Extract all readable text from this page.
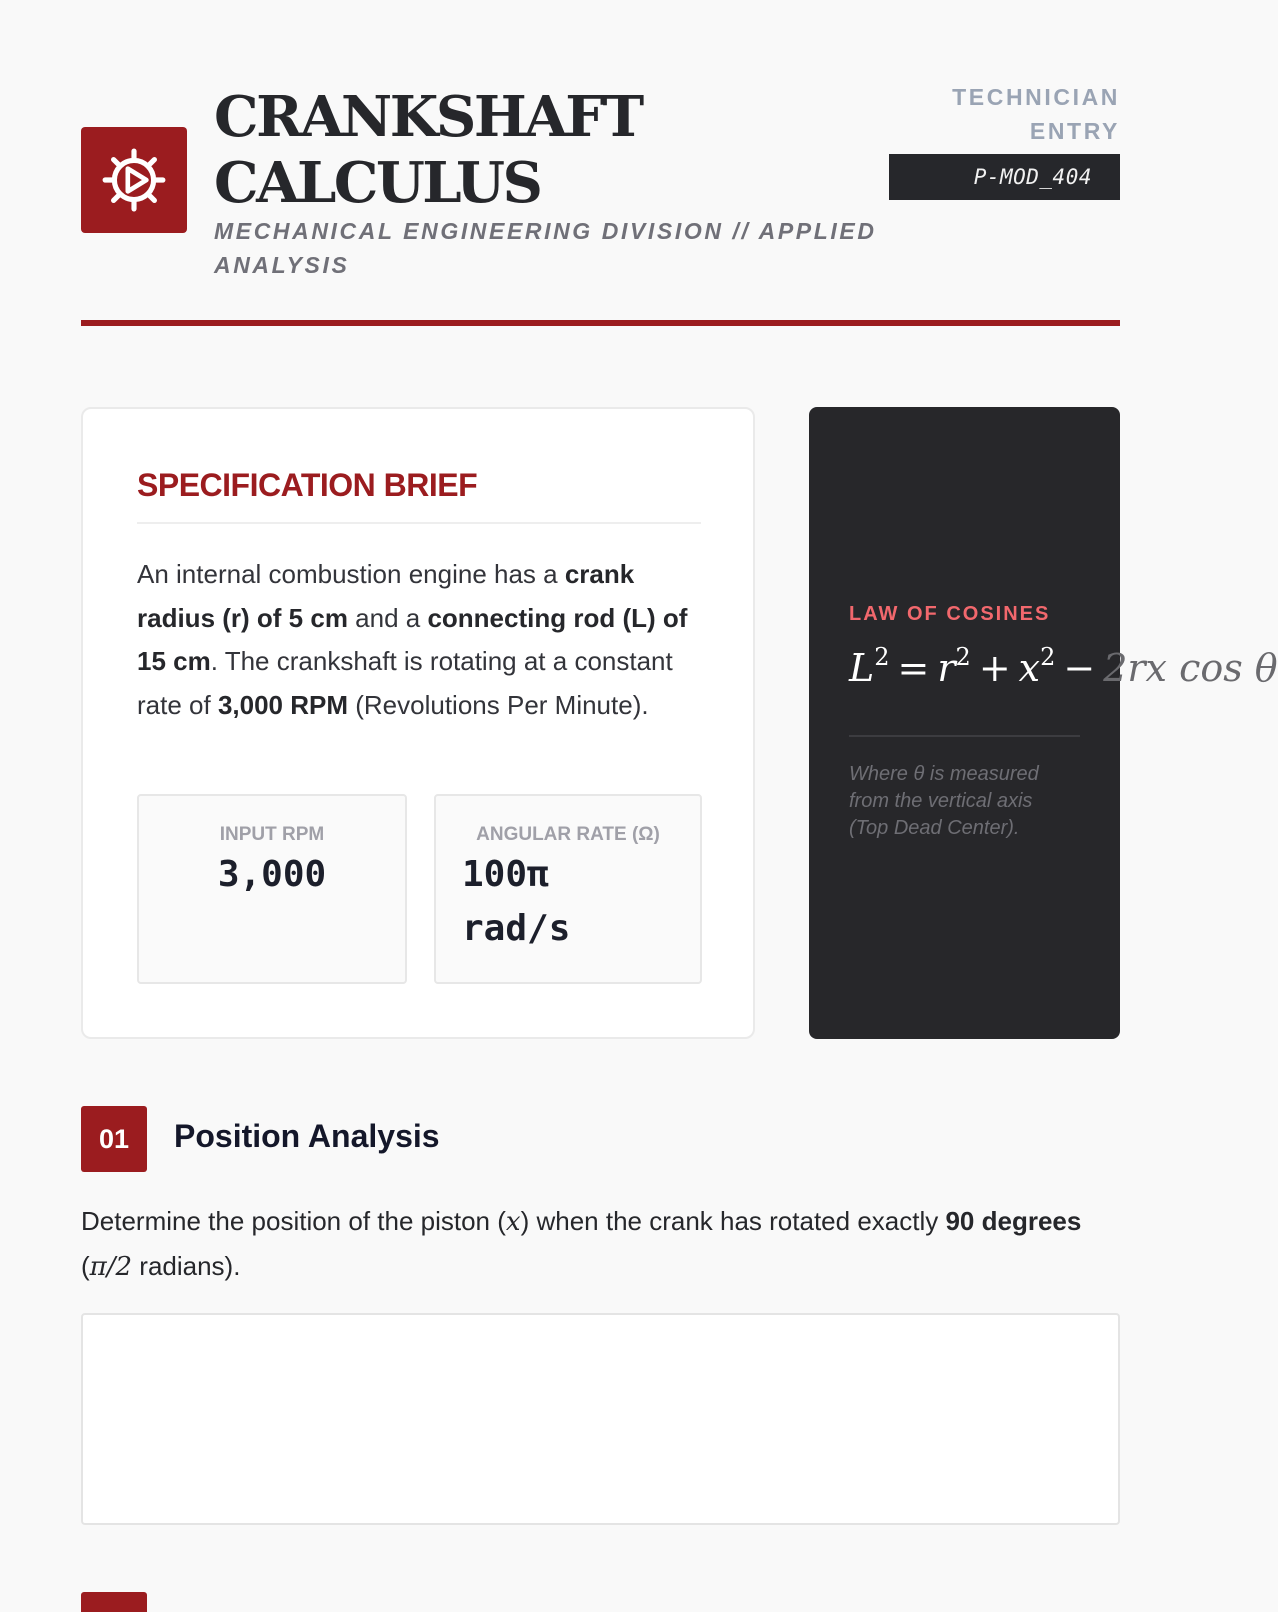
CRANKSHAFT
CALCULUS
MECHANICAL ENGINEERING DIVISION // APPLIED ANALYSIS
TECHNICIAN ENTRY
P-MOD_404
SPECIFICATION BRIEF

An internal combustion engine has a crank radius (r) of 5 cm and a connecting rod (L) of 15 cm. The crankshaft is rotating at a constant rate of 3,000 RPM (Revolutions Per Minute).

INPUT RPM
3,000
ANGULAR RATE (Ω)
100π rad/s
LAW OF COSINES
$L^2 = r^2 + x^2 - 2rx$ cos θ
Where θ is measured from the vertical axis (Top Dead Center).
01	Position Analysis

Determine the position of the piston (x) when the crank has rotated exactly 90 degrees (π/2 radians).
